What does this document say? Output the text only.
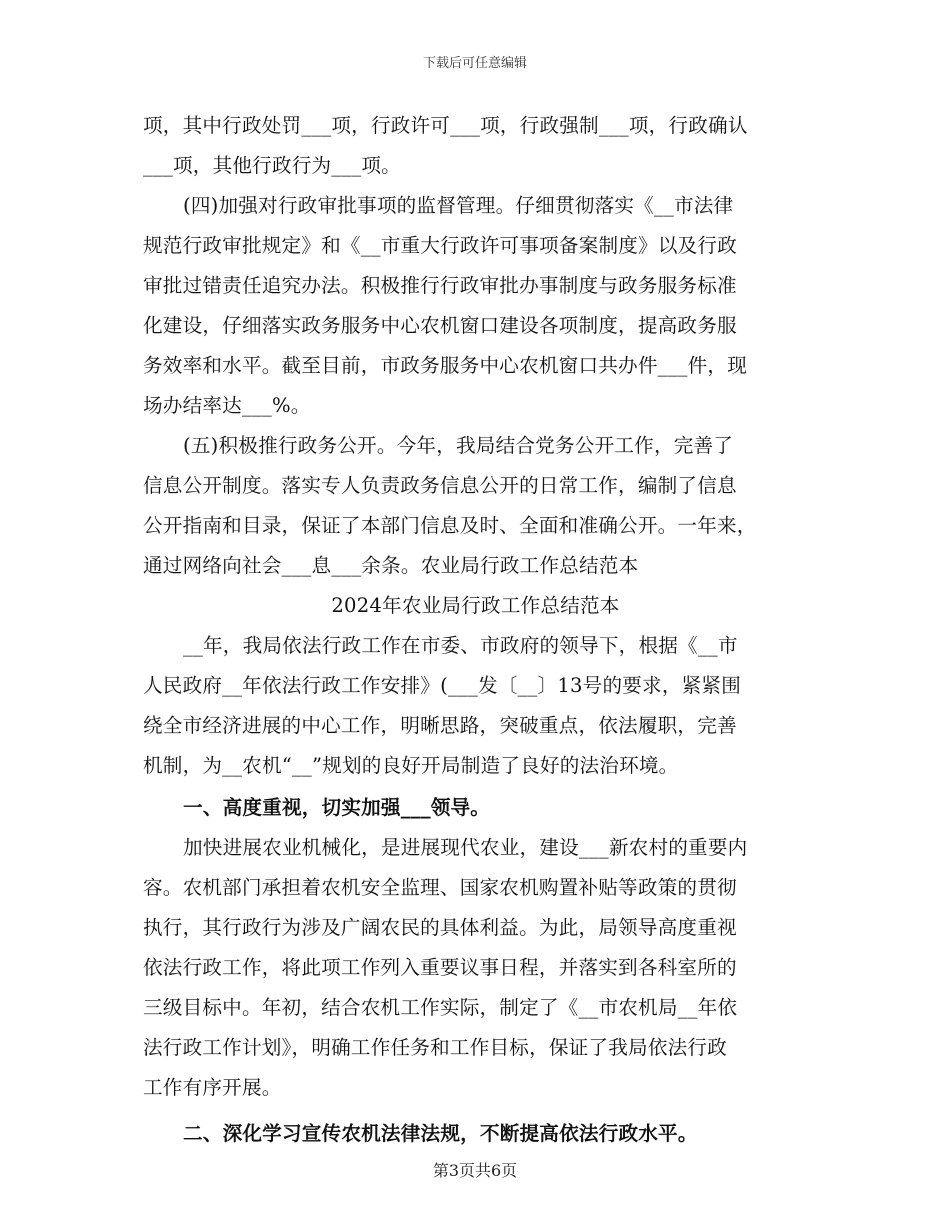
下载后可任意编辑
项，其中行政处罚___项，行政许可___项，行政强制___项，行政确认
___项，其他行政行为___项。
(四)加强对行政审批事项的监督管理。仔细贯彻落实《__市法律
规范行政审批规定》和《__市重大行政许可事项备案制度》以及行政
审批过错责任追究办法。积极推行行政审批办事制度与政务服务标准
化建设，仔细落实政务服务中心农机窗口建设各项制度，提高政务服
务效率和水平。截至目前，市政务服务中心农机窗口共办件___件，现
场办结率达___%。
(五)积极推行政务公开。今年，我局结合党务公开工作，完善了
信息公开制度。落实专人负责政务信息公开的日常工作，编制了信息
公开指南和目录，保证了本部门信息及时、全面和准确公开。一年来，
通过网络向社会___息___余条。农业局行政工作总结范本
2024年农业局行政工作总结范本
__年，我局依法行政工作在市委、市政府的领导下，根据《__市
人民政府__年依法行政工作安排》(___发〔__〕13号的要求，紧紧围
绕全市经济进展的中心工作，明晰思路，突破重点，依法履职，完善
机制，为__农机“__”规划的良好开局制造了良好的法治环境。
一、高度重视，切实加强___领导。
加快进展农业机械化，是进展现代农业，建设___新农村的重要内
容。农机部门承担着农机安全监理、国家农机购置补贴等政策的贯彻
执行，其行政行为涉及广阔农民的具体利益。为此，局领导高度重视
依法行政工作，将此项工作列入重要议事日程，并落实到各科室所的
三级目标中。年初，结合农机工作实际，制定了《__市农机局__年依
法行政工作计划》，明确工作任务和工作目标，保证了我局依法行政
工作有序开展。
二、深化学习宣传农机法律法规，不断提高依法行政水平。
第3页共6页
